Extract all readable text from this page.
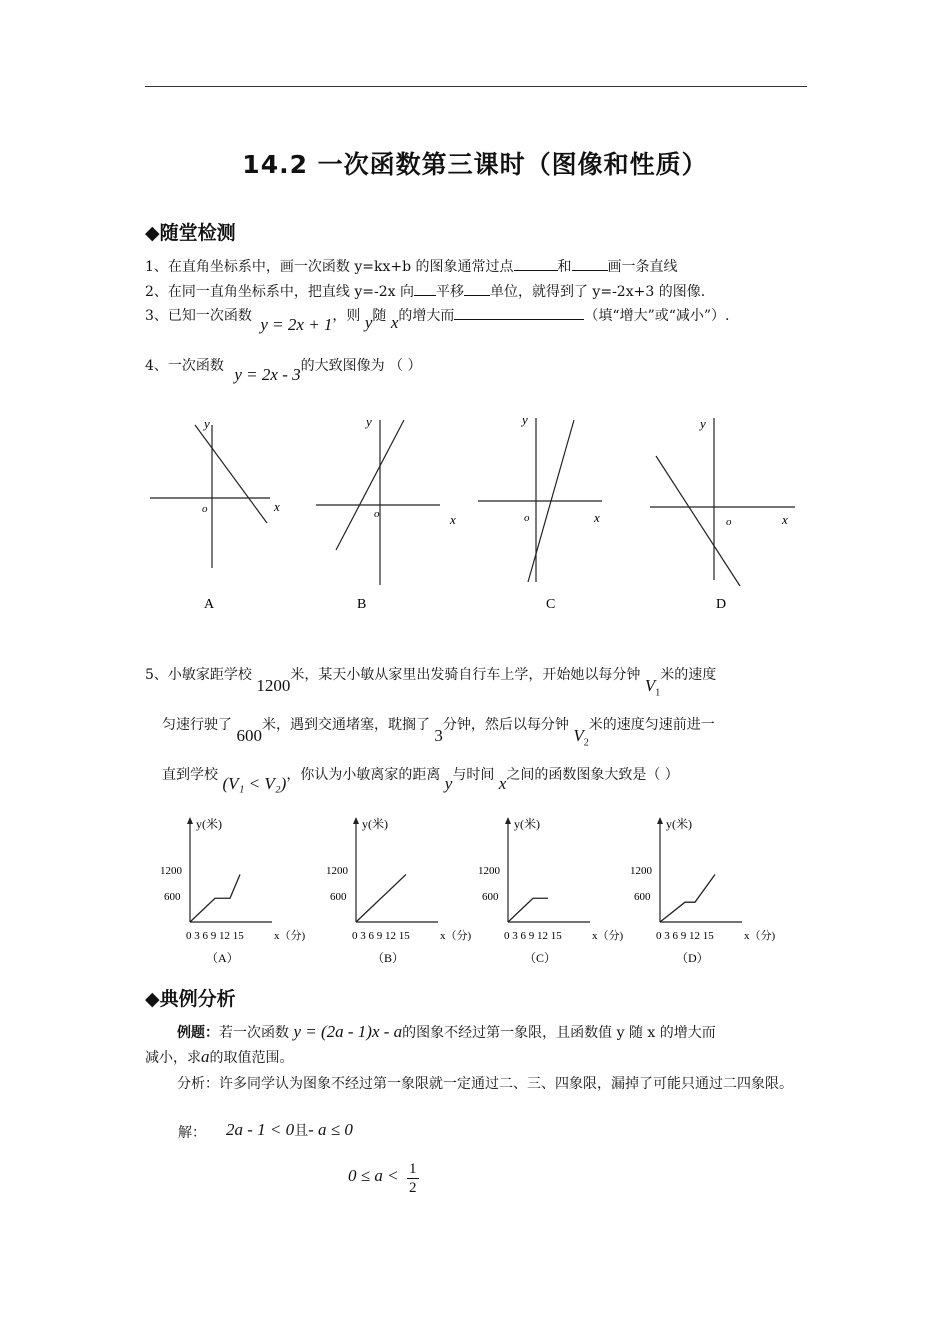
14.2 一次函数第三课时（图像和性质）
◆随堂检测
1、在直角坐标系中，画一次函数 y=kx+b 的图象通常过点	和	画一条直线
2、在同一直角坐标系中，把直线 y=-2x 向 平移 单位，就得到了 y=-2x+3 的图像.
3、已知一次函数 y = 2x + 1，则 y随 x的增大而	（填“增大”或“减小”）.
4、一次函数 y = 2x - 3的大致图像为 （ ）
y
x
o
A
y
x
o
B
y
x
o
C
y
x
o
D
5、小敏家距学校 1200米，某天小敏从家里出发骑自行车上学，开始她以每分钟 $V_1$米的速度
匀速行驶了 600米，遇到交通堵塞，耽搁了 3分钟，然后以每分钟 $V_2$米的速度匀速前进一
直到学校 (V₁ < V₂)，你认为小敏离家的距离 y与时间 x之间的函数图象大致是（ ）
y(米)
1200
600
0 3 6 9 12 15	x（分)
（A）
y(米)
1200
600
0 3 6 9 12 15	x（分)
（B）
y(米)
1200
600
0 3 6 9 12 15	x（分)
（C）
y(米)
1200
600
0 3 6 9 12 15	x（分)
（D）
◆典例分析
例题：若一次函数 y = (2a - 1)x - a的图象不经过第一象限，且函数值 y 随 x 的增大而
减小，求a的取值范围。
分析：许多同学认为图象不经过第一象限就一定通过二、三、四象限，漏掉了可能只通过二四象限。
解： 2a - 1 < 0且- a ≤ 0
$0 \le a < \frac{1}{2}$
